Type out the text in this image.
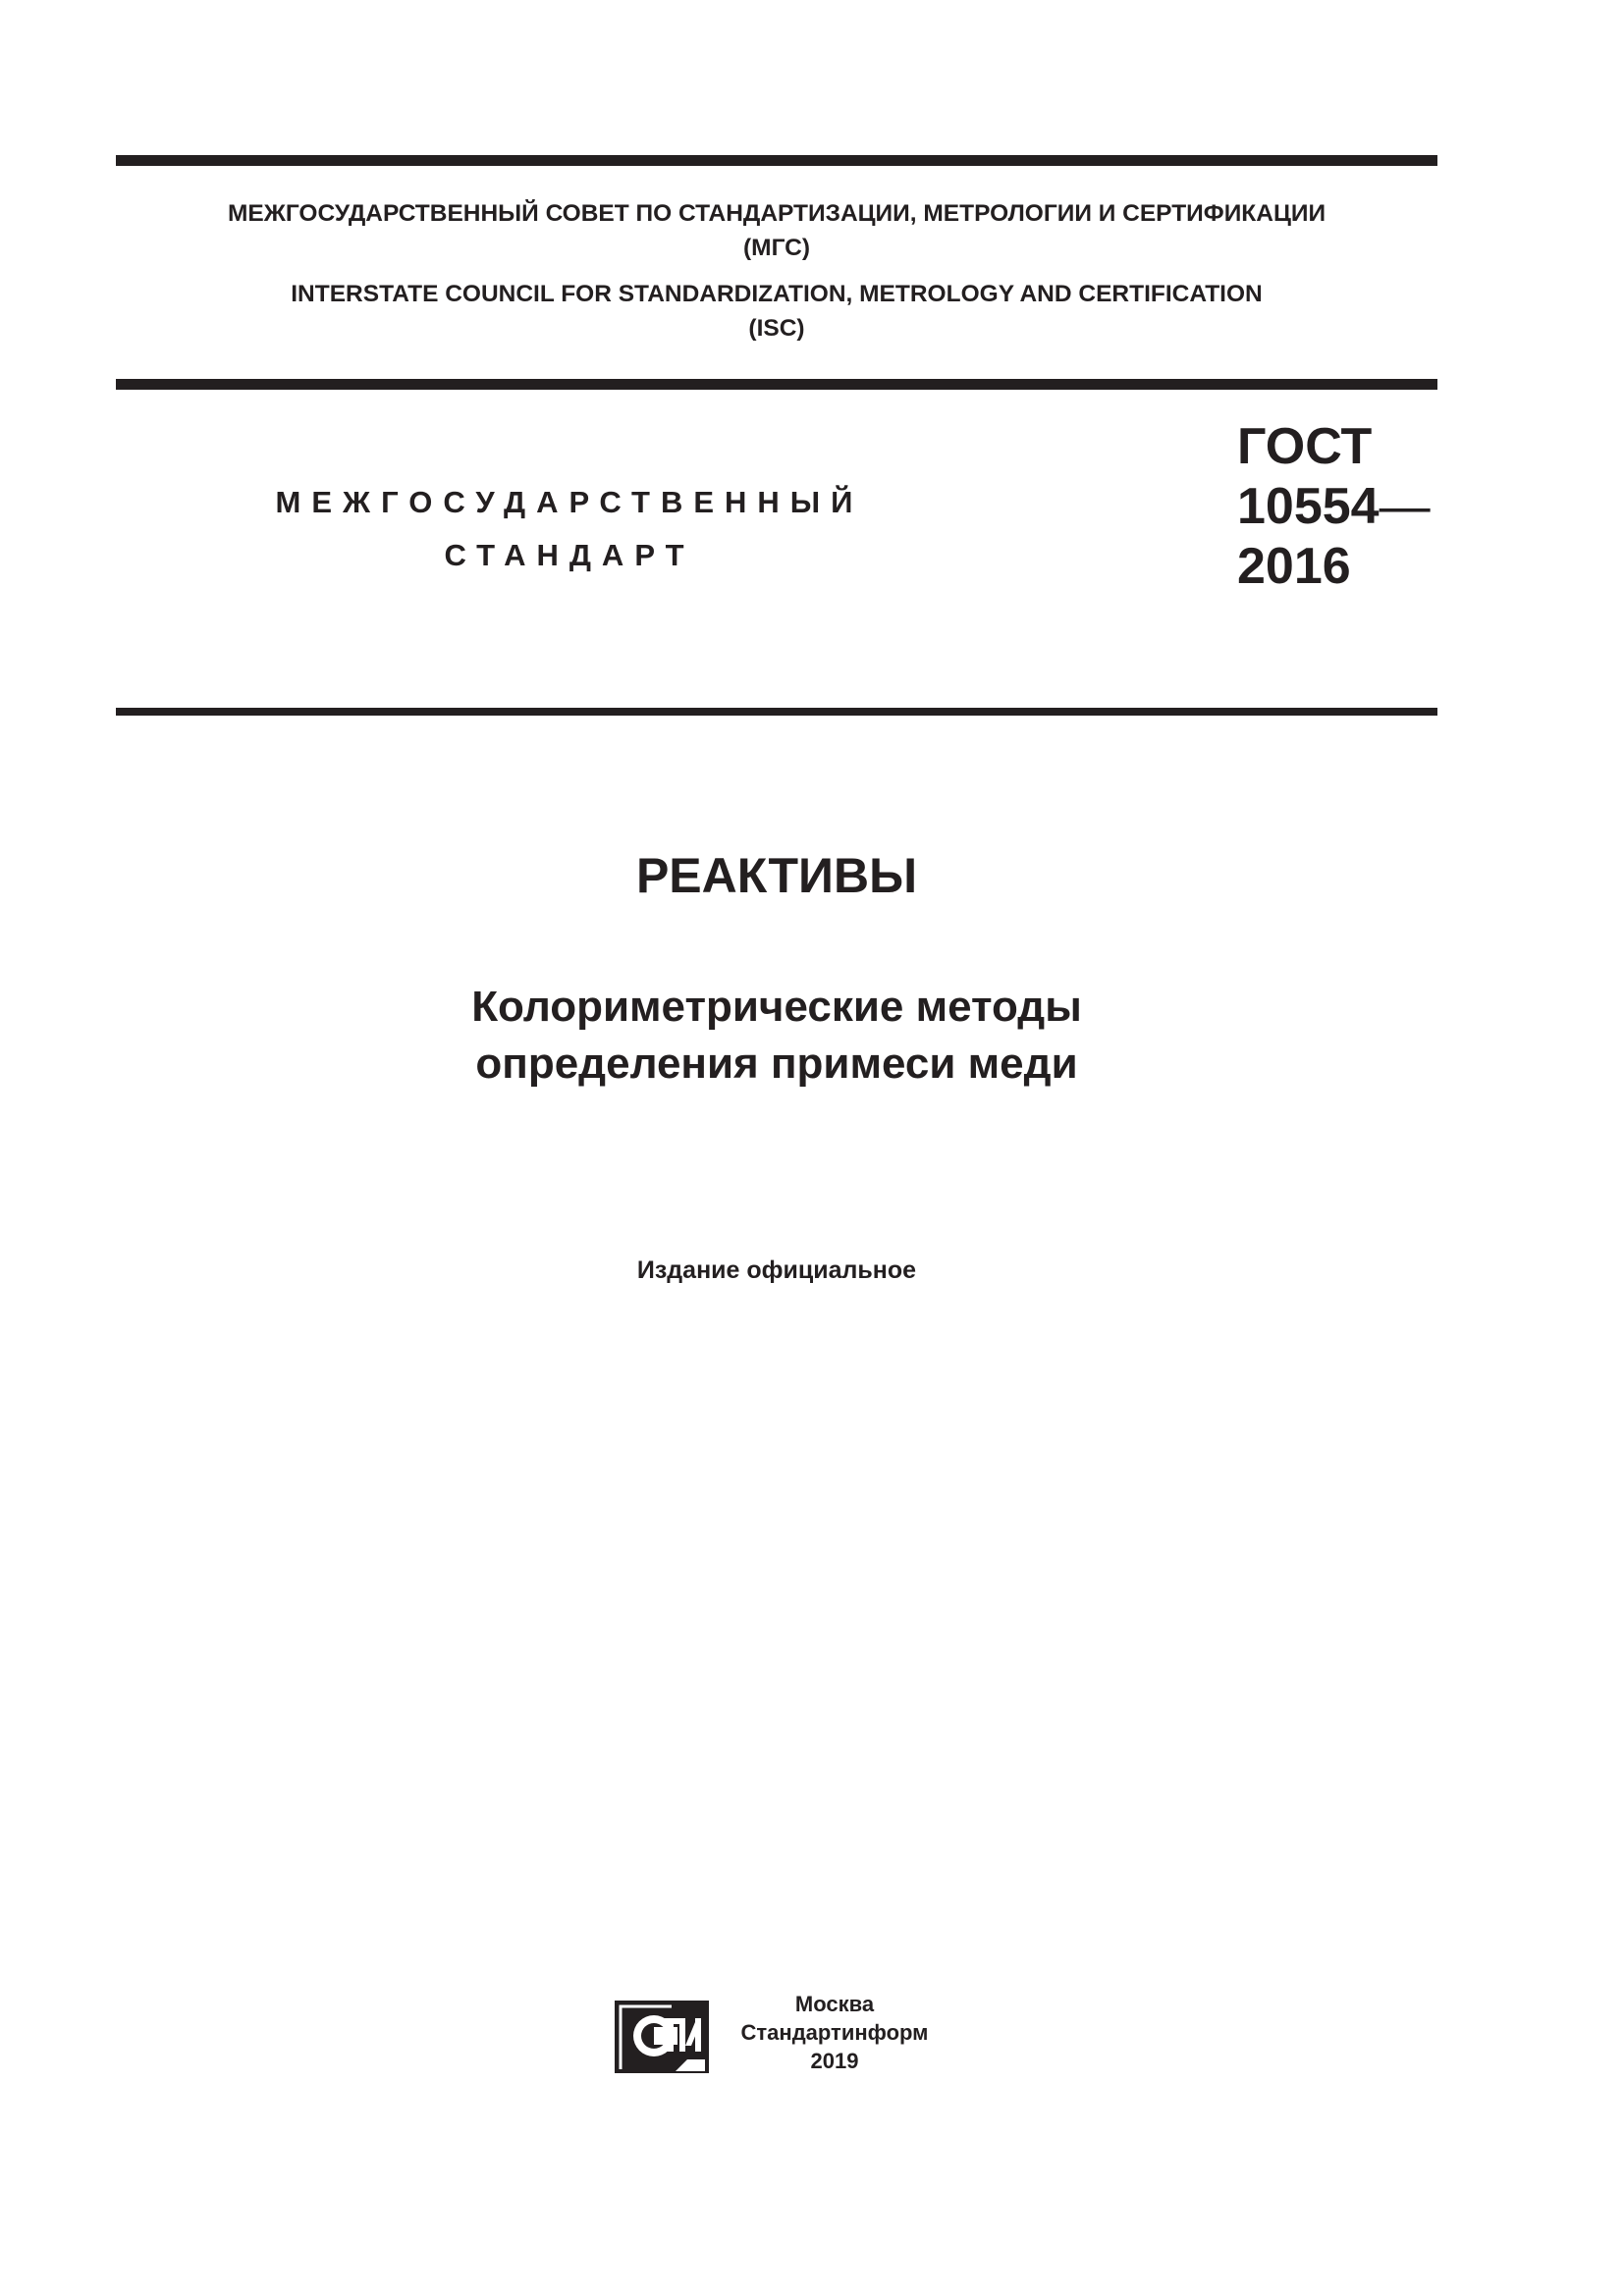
МЕЖГОСУДАРСТВЕННЫЙ СОВЕТ ПО СТАНДАРТИЗАЦИИ, МЕТРОЛОГИИ И СЕРТИФИКАЦИИ
(МГС)
INTERSTATE COUNCIL FOR STANDARDIZATION, METROLOGY AND CERTIFICATION
(ISC)
МЕЖГОСУДАРСТВЕННЫЙ
СТАНДАРТ
ГОСТ
10554—
2016
РЕАКТИВЫ
Колориметрические методы
определения примеси меди
Издание официальное
Москва
Стандартинформ
2019
